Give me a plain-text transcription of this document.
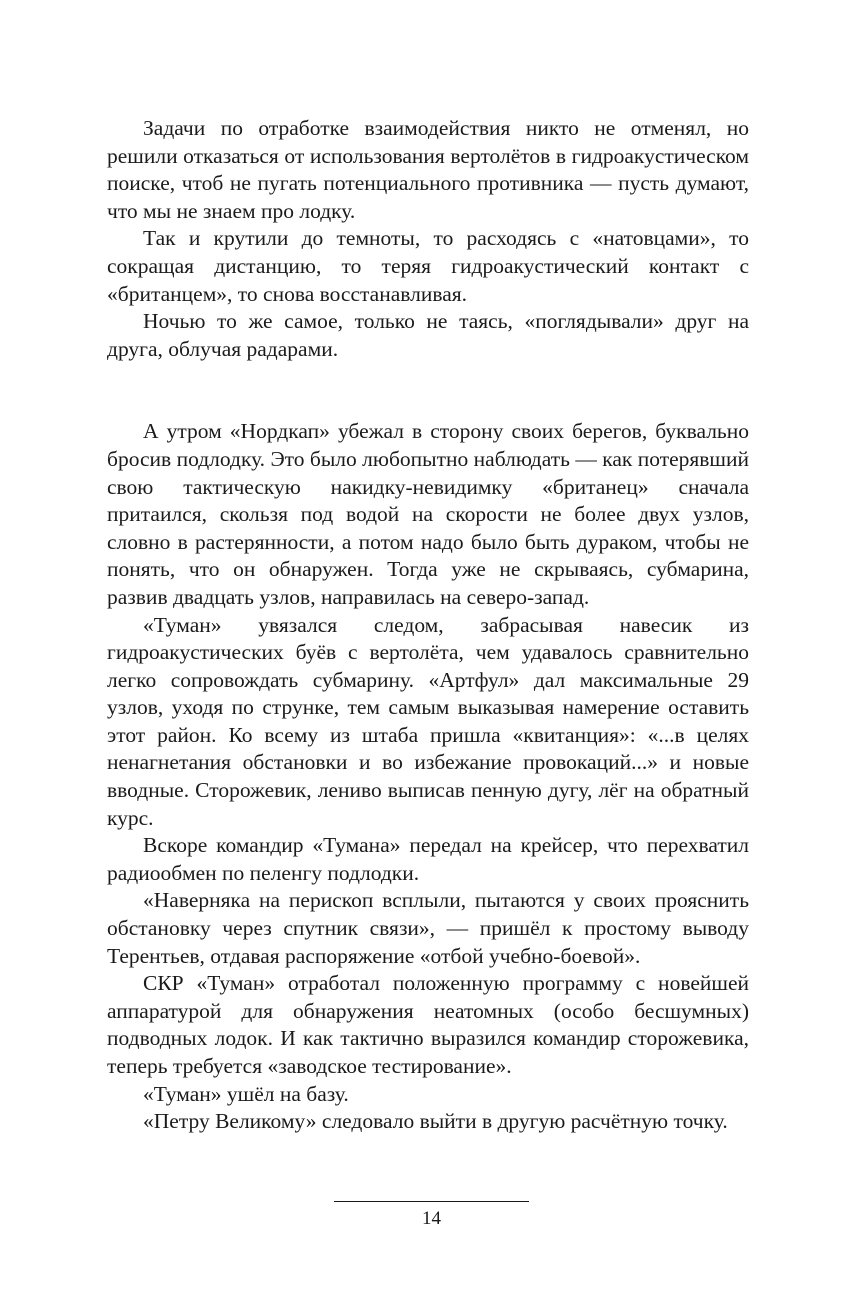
Задачи по отработке взаимодействия никто не отменял, но решили отказаться от использования вертолётов в гидроакустическом поиске, чтоб не пугать потенциального противника — пусть думают, что мы не знаем про лодку.

Так и крутили до темноты, то расходясь с «натовцами», то сокращая дистанцию, то теряя гидроакустический контакт с «британцем», то снова восстанавливая.

Ночью то же самое, только не таясь, «поглядывали» друг на друга, облучая радарами.

А утром «Нордкап» убежал в сторону своих берегов, буквально бросив подлодку. Это было любопытно наблюдать — как потерявший свою тактическую накидку-невидимку «британец» сначала притаился, скользя под водой на скорости не более двух узлов, словно в растерянности, а потом надо было быть дураком, чтобы не понять, что он обнаружен. Тогда уже не скрываясь, субмарина, развив двадцать узлов, направилась на северо-запад.

«Туман» увязался следом, забрасывая навесик из гидроакустических буёв с вертолёта, чем удавалось сравнительно легко сопровождать субмарину. «Артфул» дал максимальные 29 узлов, уходя по струнке, тем самым выказывая намерение оставить этот район. Ко всему из штаба пришла «квитанция»: «...в целях ненагнетания обстановки и во избежание провокаций...» и новые вводные. Сторожевик, лениво выписав пенную дугу, лёг на обратный курс.

Вскоре командир «Тумана» передал на крейсер, что перехватил радиообмен по пеленгу подлодки.

«Наверняка на перископ всплыли, пытаются у своих прояснить обстановку через спутник связи», — пришёл к простому выводу Терентьев, отдавая распоряжение «отбой учебно-боевой».

СКР «Туман» отработал положенную программу с новейшей аппаратурой для обнаружения неатомных (особо бесшумных) подводных лодок. И как тактично выразился командир сторожевика, теперь требуется «заводское тестирование».

«Туман» ушёл на базу.

«Петру Великому» следовало выйти в другую расчётную точку.

14
